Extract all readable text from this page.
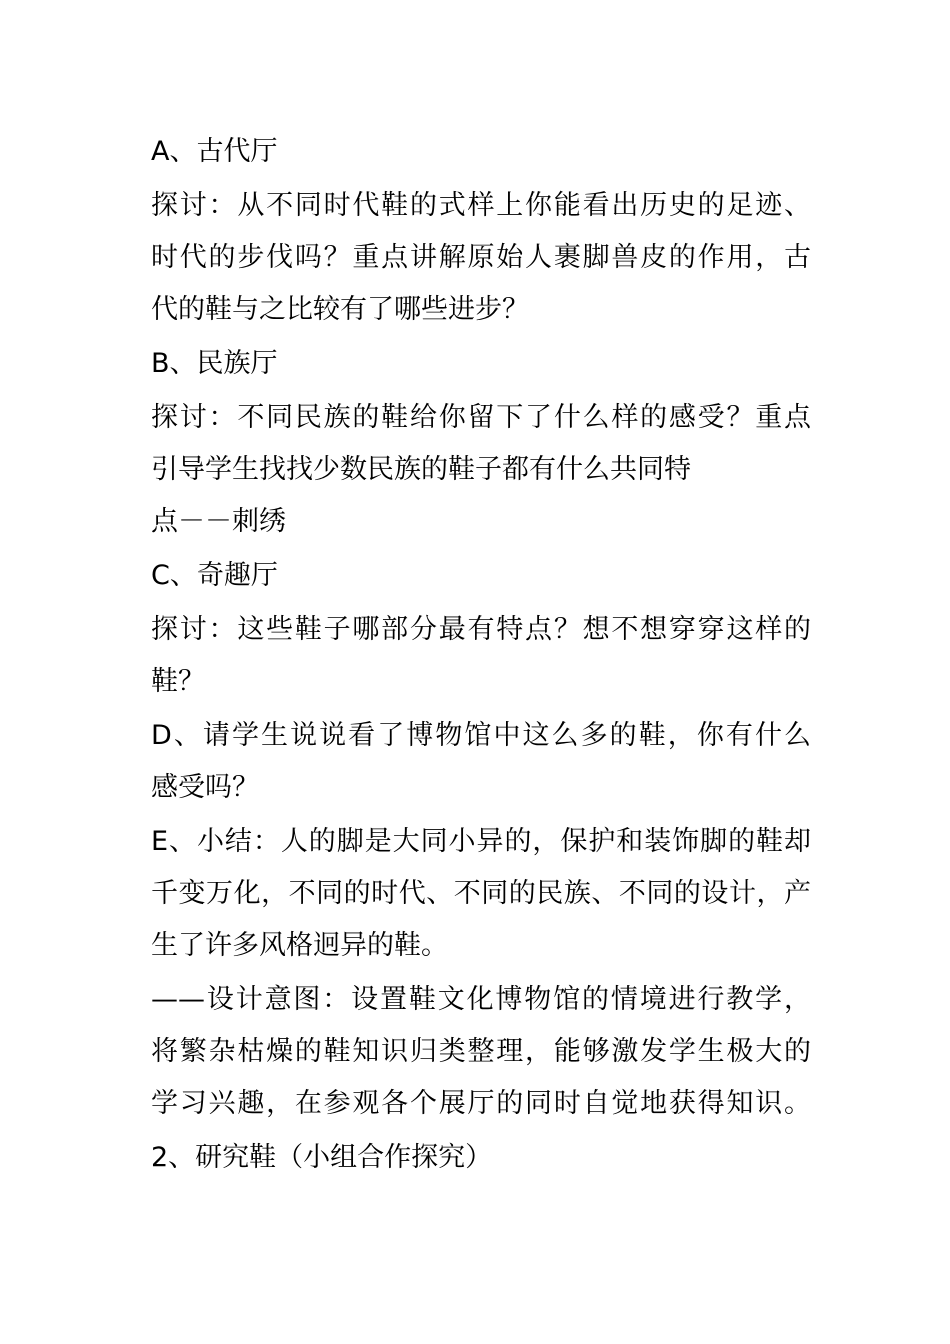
A、古代厅

探讨：从不同时代鞋的式样上你能看出历史的足迹、
时代的步伐吗？重点讲解原始人裹脚兽皮的作用，古
代的鞋与之比较有了哪些进步？

B、民族厅

探讨：不同民族的鞋给你留下了什么样的感受？重点
引导学生找找少数民族的鞋子都有什么共同特
点－－刺绣

C、奇趣厅

探讨：这些鞋子哪部分最有特点？想不想穿穿这样的
鞋？

D、请学生说说看了博物馆中这么多的鞋，你有什么
感受吗？

E、小结：人的脚是大同小异的，保护和装饰脚的鞋却
千变万化，不同的时代、不同的民族、不同的设计，产
生了许多风格迥异的鞋。

——设计意图：设置鞋文化博物馆的情境进行教学，
将繁杂枯燥的鞋知识归类整理，能够激发学生极大的
学习兴趣，在参观各个展厅的同时自觉地获得知识。

2、研究鞋（小组合作探究）
